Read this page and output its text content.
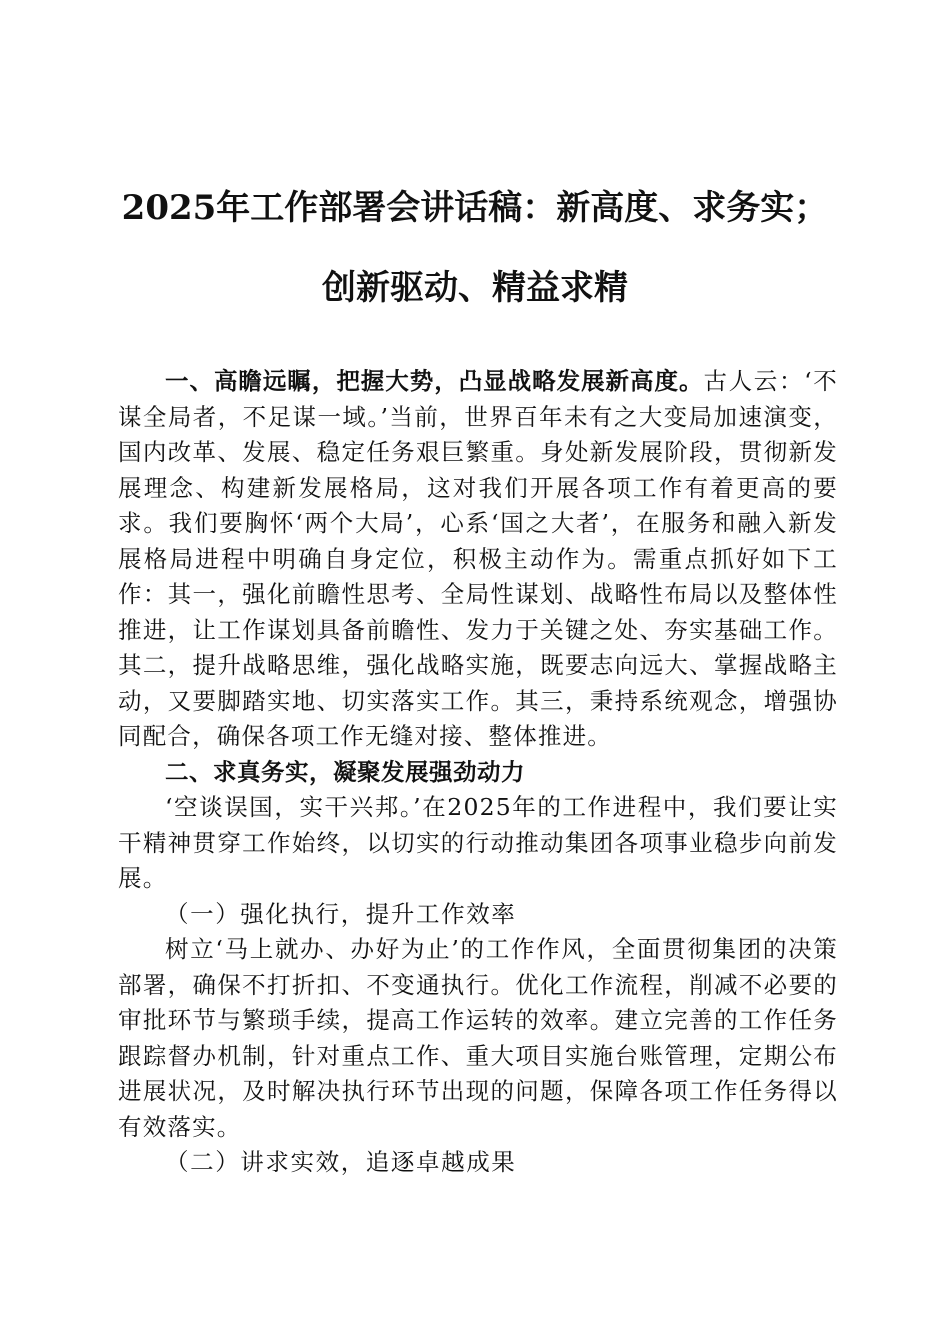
2025年工作部署会讲话稿：新高度、求务实；
创新驱动、精益求精

一、高瞻远瞩，把握大势，凸显战略发展新高度。古人云：‘不谋全局者，不足谋一域。’当前，世界百年未有之大变局加速演变，国内改革、发展、稳定任务艰巨繁重。身处新发展阶段，贯彻新发展理念、构建新发展格局，这对我们开展各项工作有着更高的要求。我们要胸怀‘两个大局’，心系‘国之大者’，在服务和融入新发展格局进程中明确自身定位，积极主动作为。需重点抓好如下工作：其一，强化前瞻性思考、全局性谋划、战略性布局以及整体性推进，让工作谋划具备前瞻性、发力于关键之处、夯实基础工作。其二，提升战略思维，强化战略实施，既要志向远大、掌握战略主动，又要脚踏实地、切实落实工作。其三，秉持系统观念，增强协同配合，确保各项工作无缝对接、整体推进。

二、求真务实，凝聚发展强劲动力

‘空谈误国，实干兴邦。’在2025年的工作进程中，我们要让实干精神贯穿工作始终，以切实的行动推动集团各项事业稳步向前发展。

（一）强化执行，提升工作效率

树立‘马上就办、办好为止’的工作作风，全面贯彻集团的决策部署，确保不打折扣、不变通执行。优化工作流程，削减不必要的审批环节与繁琐手续，提高工作运转的效率。建立完善的工作任务跟踪督办机制，针对重点工作、重大项目实施台账管理，定期公布进展状况，及时解决执行环节出现的问题，保障各项工作任务得以有效落实。

（二）讲求实效，追逐卓越成果
